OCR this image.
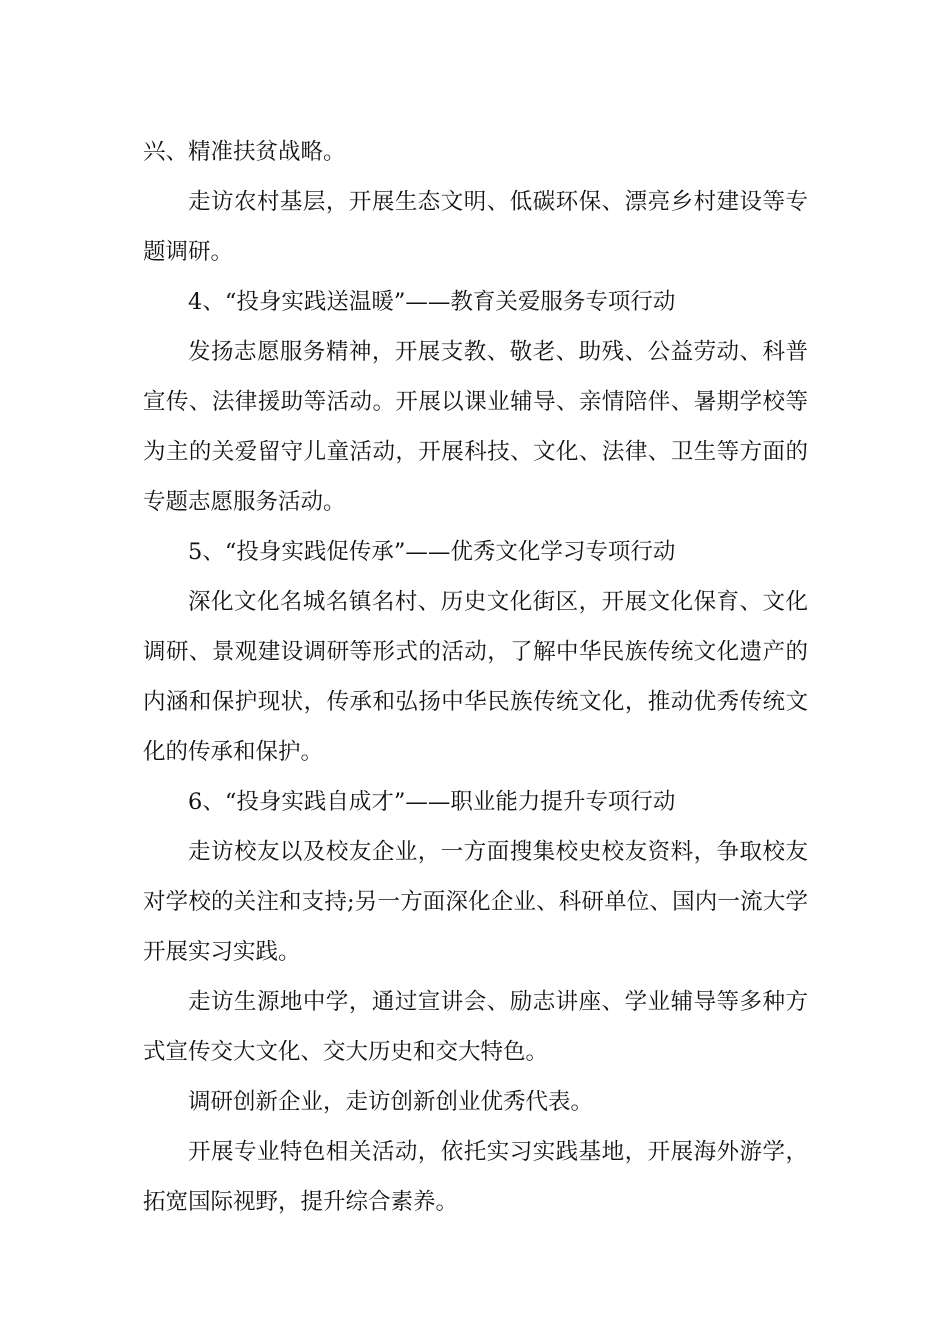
兴、精准扶贫战略。

走访农村基层，开展生态文明、低碳环保、漂亮乡村建设等专题调研。

4、“投身实践送温暖”——教育关爱服务专项行动

发扬志愿服务精神，开展支教、敬老、助残、公益劳动、科普宣传、法律援助等活动。开展以课业辅导、亲情陪伴、暑期学校等为主的关爱留守儿童活动，开展科技、文化、法律、卫生等方面的专题志愿服务活动。

5、“投身实践促传承”——优秀文化学习专项行动

深化文化名城名镇名村、历史文化街区，开展文化保育、文化调研、景观建设调研等形式的活动，了解中华民族传统文化遗产的内涵和保护现状，传承和弘扬中华民族传统文化，推动优秀传统文化的传承和保护。

6、“投身实践自成才”——职业能力提升专项行动

走访校友以及校友企业，一方面搜集校史校友资料，争取校友对学校的关注和支持;另一方面深化企业、科研单位、国内一流大学开展实习实践。

走访生源地中学，通过宣讲会、励志讲座、学业辅导等多种方式宣传交大文化、交大历史和交大特色。

调研创新企业，走访创新创业优秀代表。

开展专业特色相关活动，依托实习实践基地，开展海外游学，拓宽国际视野，提升综合素养。
